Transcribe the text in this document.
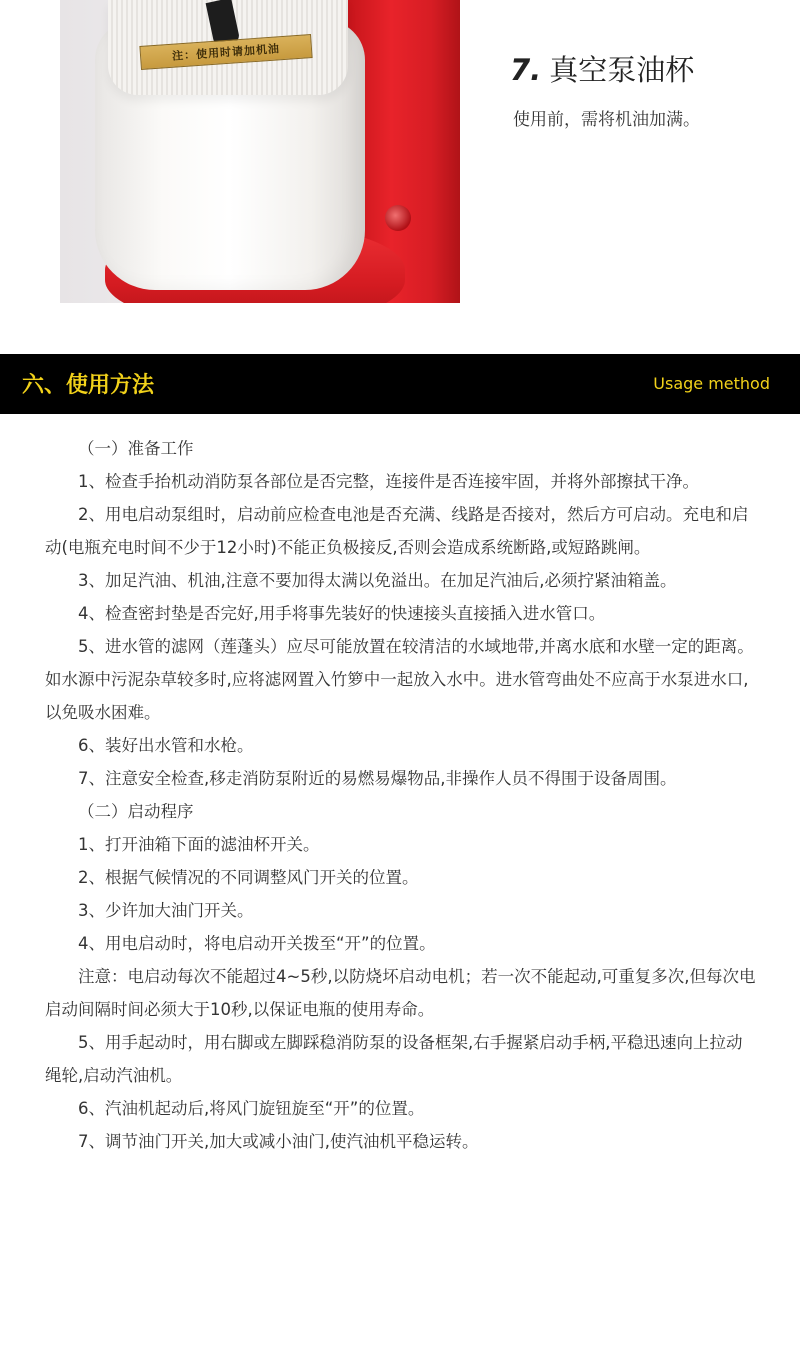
注：使用时请加机油
7. 真空泵油杯

使用前，需将机油加满。

六、使用方法	Usage method

（一）准备工作

1、检查手抬机动消防泵各部位是否完整，连接件是否连接牢固，并将外部擦拭干净。

2、用电启动泵组时，启动前应检查电池是否充满、线路是否接对，然后方可启动。充电和启动(电瓶充电时间不少于12小时)不能正负极接反,否则会造成系统断路,或短路跳闸。

3、加足汽油、机油,注意不要加得太满以免溢出。在加足汽油后,必须拧紧油箱盖。

4、检查密封垫是否完好,用手将事先装好的快速接头直接插入进水管口。

5、进水管的滤网（莲蓬头）应尽可能放置在较清洁的水域地带,并离水底和水壁一定的距离。如水源中污泥杂草较多时,应将滤网置入竹箩中一起放入水中。进水管弯曲处不应高于水泵进水口,以免吸水困难。

6、装好出水管和水枪。

7、注意安全检查,移走消防泵附近的易燃易爆物品,非操作人员不得围于设备周围。

（二）启动程序

1、打开油箱下面的滤油杯开关。

2、根据气候情况的不同调整风门开关的位置。

3、少许加大油门开关。

4、用电启动时，将电启动开关拨至“开”的位置。

注意：电启动每次不能超过4~5秒,以防烧坏启动电机；若一次不能起动,可重复多次,但每次电启动间隔时间必须大于10秒,以保证电瓶的使用寿命。

5、用手起动时，用右脚或左脚踩稳消防泵的设备框架,右手握紧启动手柄,平稳迅速向上拉动绳轮,启动汽油机。

6、汽油机起动后,将风门旋钮旋至“开”的位置。

7、调节油门开关,加大或减小油门,使汽油机平稳运转。
